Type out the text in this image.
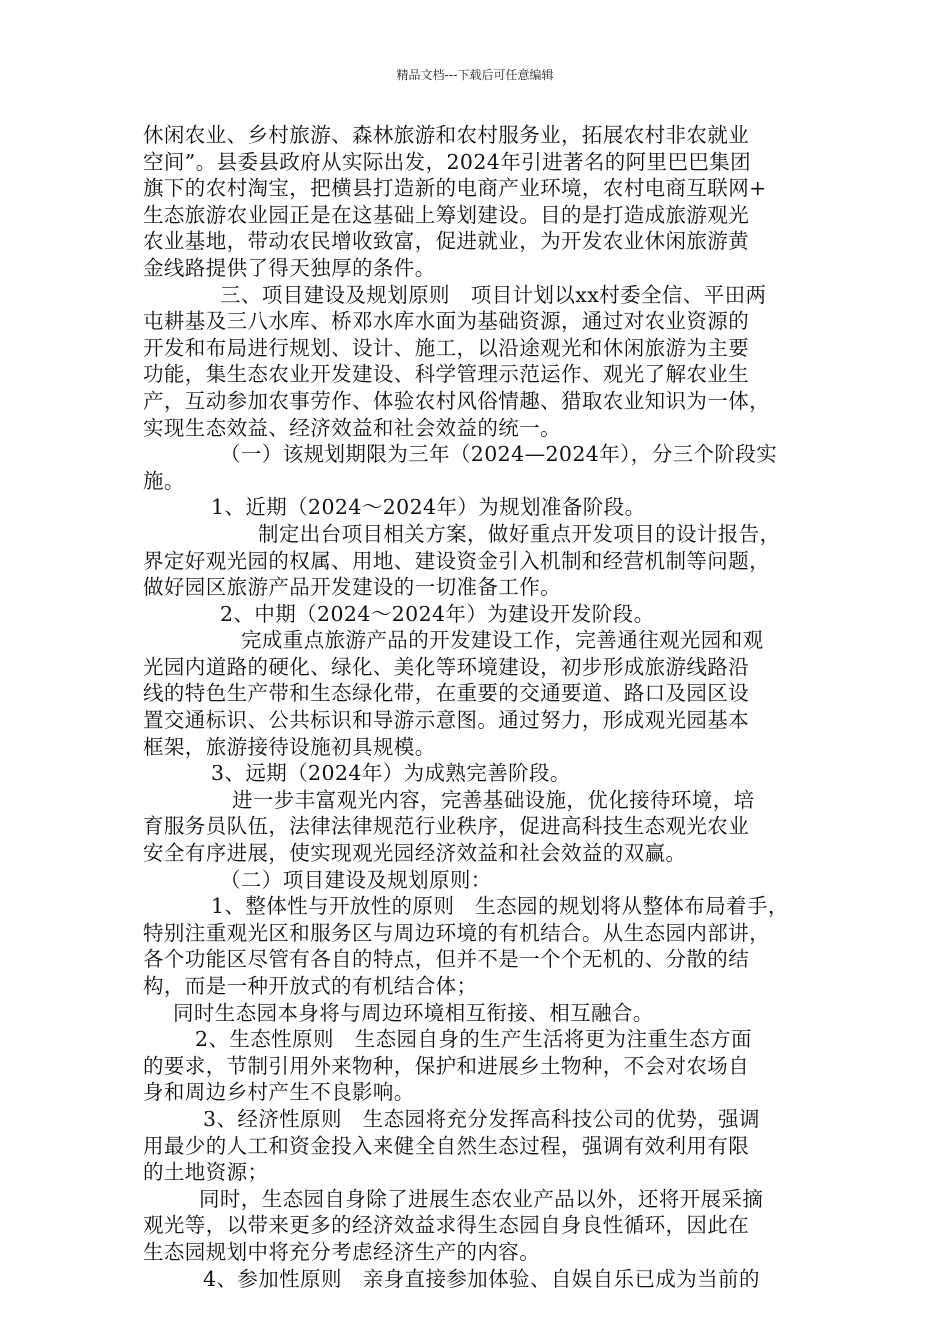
精品文档---下载后可任意编辑
休闲农业、乡村旅游、森林旅游和农村服务业，拓展农村非农就业
空间”。县委县政府从实际出发，2024年引进著名的阿里巴巴集团
旗下的农村淘宝，把横县打造新的电商产业环境，农村电商互联网+
生态旅游农业园正是在这基础上筹划建设。目的是打造成旅游观光
农业基地，带动农民增收致富，促进就业，为开发农业休闲旅游黄
金线路提供了得天独厚的条件。
三、项目建设及规划原则　项目计划以xx村委全信、平田两
屯耕基及三八水库、桥邓水库水面为基础资源，通过对农业资源的
开发和布局进行规划、设计、施工，以沿途观光和休闲旅游为主要
功能，集生态农业开发建设、科学管理示范运作、观光了解农业生
产，互动参加农事劳作、体验农村风俗情趣、猎取农业知识为一体，
实现生态效益、经济效益和社会效益的统一。
（一）该规划期限为三年（2024—2024年），分三个阶段实
施。
1、近期（2024～2024年）为规划准备阶段。
制定出台项目相关方案，做好重点开发项目的设计报告，
界定好观光园的权属、用地、建设资金引入机制和经营机制等问题，
做好园区旅游产品开发建设的一切准备工作。
2、中期（2024～2024年）为建设开发阶段。
完成重点旅游产品的开发建设工作，完善通往观光园和观
光园内道路的硬化、绿化、美化等环境建设，初步形成旅游线路沿
线的特色生产带和生态绿化带，在重要的交通要道、路口及园区设
置交通标识、公共标识和导游示意图。通过努力，形成观光园基本
框架，旅游接待设施初具规模。
3、远期（2024年）为成熟完善阶段。
进一步丰富观光内容，完善基础设施，优化接待环境，培
育服务员队伍，法律法律规范行业秩序，促进高科技生态观光农业
安全有序进展，使实现观光园经济效益和社会效益的双赢。
（二）项目建设及规划原则：
1、整体性与开放性的原则　生态园的规划将从整体布局着手，
特别注重观光区和服务区与周边环境的有机结合。从生态园内部讲，
各个功能区尽管有各自的特点，但并不是一个个无机的、分散的结
构，而是一种开放式的有机结合体；
同时生态园本身将与周边环境相互衔接、相互融合。
2、生态性原则　生态园自身的生产生活将更为注重生态方面
的要求，节制引用外来物种，保护和进展乡土物种，不会对农场自
身和周边乡村产生不良影响。
3、经济性原则　生态园将充分发挥高科技公司的优势，强调
用最少的人工和资金投入来健全自然生态过程，强调有效利用有限
的土地资源；
同时，生态园自身除了进展生态农业产品以外，还将开展采摘
观光等，以带来更多的经济效益求得生态园自身良性循环，因此在
生态园规划中将充分考虑经济生产的内容。
4、参加性原则　亲身直接参加体验、自娱自乐已成为当前的
